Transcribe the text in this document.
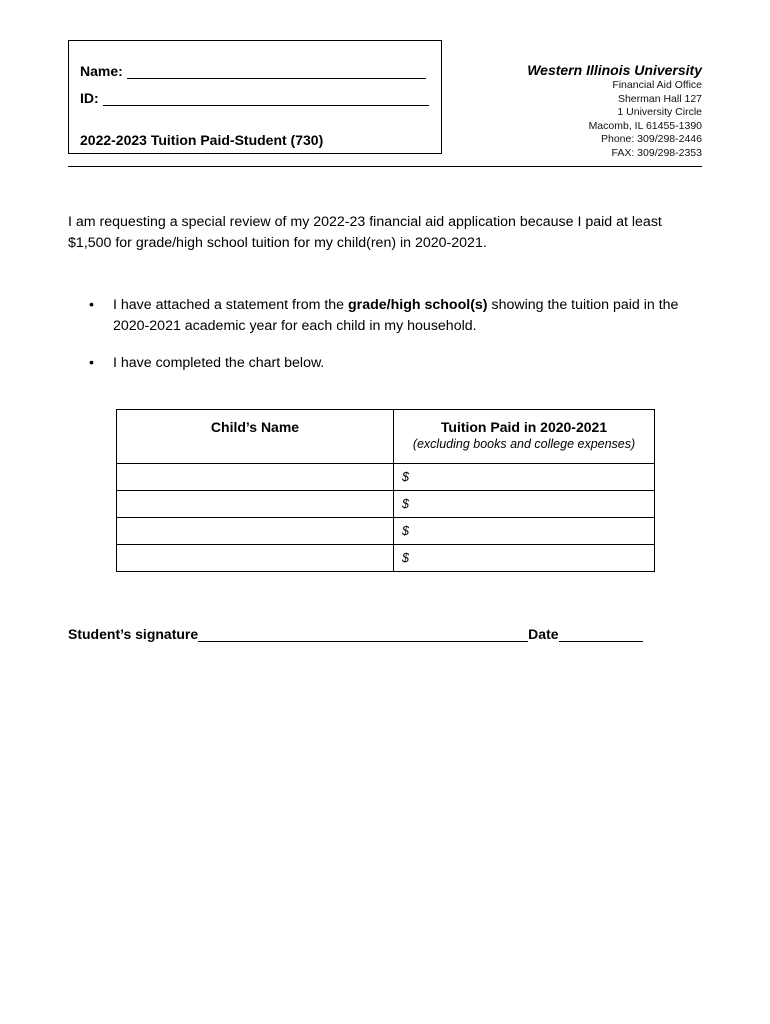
Name:
ID:
2022-2023 Tuition Paid-Student (730)
Western Illinois University
Financial Aid Office
Sherman Hall 127
1 University Circle
Macomb, IL 61455-1390
Phone: 309/298-2446
FAX: 309/298-2353
I am requesting a special review of my 2022-23 financial aid application because I paid at least $1,500 for grade/high school tuition for my child(ren) in 2020-2021.
• I have attached a statement from the grade/high school(s) showing the tuition paid in the 2020-2021 academic year for each child in my household.
• I have completed the chart below.
Child’s Name	Tuition Paid in 2020-2021
(excluding books and college expenses)

	$
	$
	$
	$
Student’s signature	Date
